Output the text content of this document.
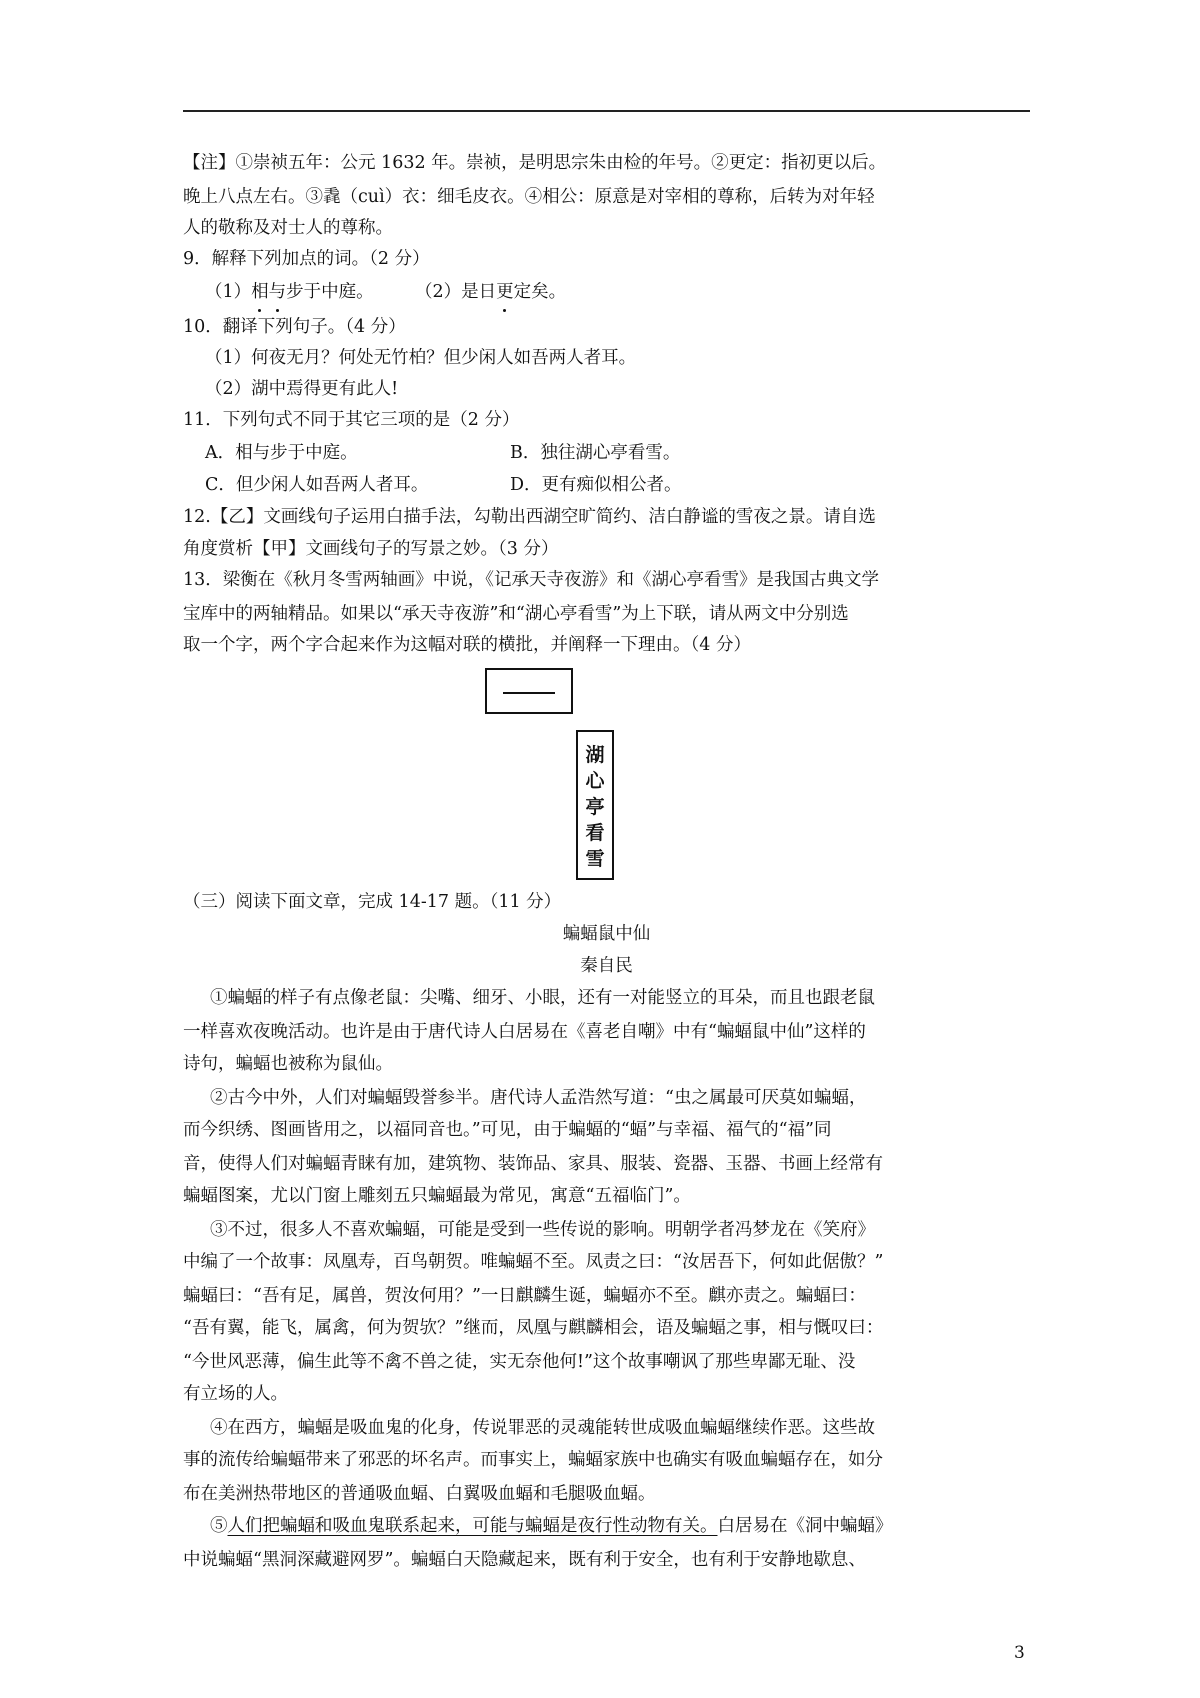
【注】①崇祯五年：公元 1632 年。崇祯，是明思宗朱由检的年号。②更定：指初更以后。
晚上八点左右。③毳（cuì）衣：细毛皮衣。④相公：原意是对宰相的尊称，后转为对年轻
人的敬称及对士人的尊称。
9．解释下列加点的词。（2 分）
（1）相与步于中庭。 （2）是日更定矣。
10．翻译下列句子。（4 分）
（1）何夜无月？何处无竹柏？但少闲人如吾两人者耳。
（2）湖中焉得更有此人!
11．下列句式不同于其它三项的是（2 分）
A．相与步于中庭。	B．独往湖心亭看雪。
C．但少闲人如吾两人者耳。	D．更有痴似相公者。
12.【乙】文画线句子运用白描手法，勾勒出西湖空旷简约、洁白静谧的雪夜之景。请自选
角度赏析【甲】文画线句子的写景之妙。（3 分）
13．梁衡在《秋月冬雪两轴画》中说，《记承天寺夜游》和《湖心亭看雪》是我国古典文学
宝库中的两轴精品。如果以“承天寺夜游”和“湖心亭看雪”为上下联，请从两文中分别选
取一个字，两个字合起来作为这幅对联的横批，并阐释一下理由。（4 分）
湖
心
亭
看
雪
（三）阅读下面文章，完成 14-17 题。（11 分）
蝙蝠鼠中仙
秦自民
①蝙蝠的样子有点像老鼠：尖嘴、细牙、小眼，还有一对能竖立的耳朵，而且也跟老鼠
一样喜欢夜晚活动。也许是由于唐代诗人白居易在《喜老自嘲》中有“蝙蝠鼠中仙”这样的
诗句，蝙蝠也被称为鼠仙。
②古今中外，人们对蝙蝠毁誉参半。唐代诗人孟浩然写道：“虫之属最可厌莫如蝙蝠，
而今织绣、图画皆用之，以福同音也。”可见，由于蝙蝠的“蝠”与幸福、福气的“福”同
音，使得人们对蝙蝠青睐有加，建筑物、装饰品、家具、服装、瓷器、玉器、书画上经常有
蝙蝠图案，尤以门窗上雕刻五只蝙蝠最为常见，寓意“五福临门”。
③不过，很多人不喜欢蝙蝠，可能是受到一些传说的影响。明朝学者冯梦龙在《笑府》
中编了一个故事：凤凰寿，百鸟朝贺。唯蝙蝠不至。凤责之曰：“汝居吾下，何如此倨傲？”
蝙蝠曰：“吾有足，属兽，贺汝何用？”一日麒麟生诞，蝙蝠亦不至。麒亦责之。蝙蝠曰：
“吾有翼，能飞，属禽，何为贺欤？”继而，凤凰与麒麟相会，语及蝙蝠之事，相与慨叹曰：
“今世风恶薄，偏生此等不禽不兽之徒，实无奈他何!”这个故事嘲讽了那些卑鄙无耻、没
有立场的人。
④在西方，蝙蝠是吸血鬼的化身，传说罪恶的灵魂能转世成吸血蝙蝠继续作恶。这些故
事的流传给蝙蝠带来了邪恶的坏名声。而事实上，蝙蝠家族中也确实有吸血蝙蝠存在，如分
布在美洲热带地区的普通吸血蝠、白翼吸血蝠和毛腿吸血蝠。
⑤人们把蝙蝠和吸血鬼联系起来，可能与蝙蝠是夜行性动物有关。白居易在《洞中蝙蝠》
中说蝙蝠“黑洞深藏避网罗”。蝙蝠白天隐藏起来，既有利于安全，也有利于安静地歇息、
3
